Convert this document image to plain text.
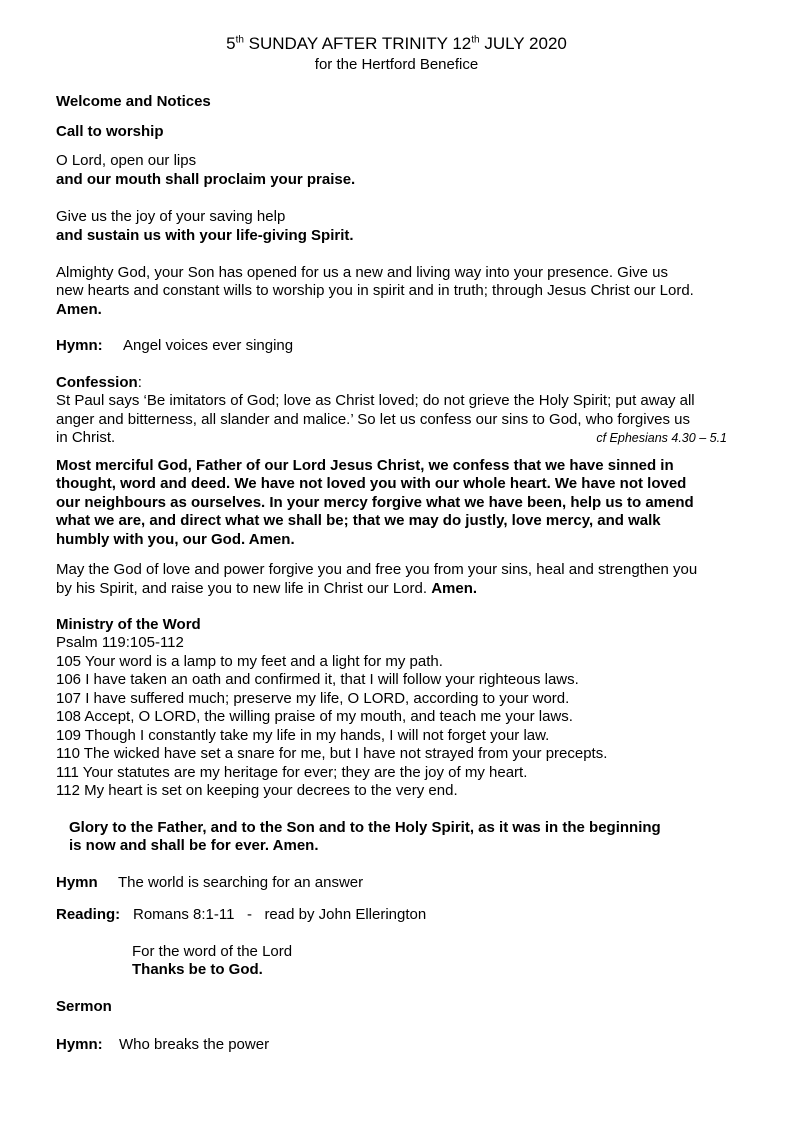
5th SUNDAY AFTER TRINITY 12th JULY 2020
for the Hertford Benefice
Welcome and Notices
Call to worship
O Lord, open our lips
and our mouth shall proclaim your praise.
Give us the joy of your saving help
and sustain us with your life-giving Spirit.
Almighty God, your Son has opened for us a new and living way into your presence. Give us
new hearts and constant wills to worship you in spirit and in truth; through Jesus Christ our Lord.
Amen.
Hymn: Angel voices ever singing
Confession:
St Paul says ‘Be imitators of God; love as Christ loved; do not grieve the Holy Spirit; put away all
anger and bitterness, all slander and malice.’ So let us confess our sins to God, who forgives us
in Christ.	cf Ephesians 4.30 – 5.1
Most merciful God, Father of our Lord Jesus Christ, we confess that we have sinned in
thought, word and deed. We have not loved you with our whole heart. We have not loved
our neighbours as ourselves. In your mercy forgive what we have been, help us to amend
what we are, and direct what we shall be; that we may do justly, love mercy, and walk
humbly with you, our God. Amen.
May the God of love and power forgive you and free you from your sins, heal and strengthen you
by his Spirit, and raise you to new life in Christ our Lord. Amen.
Ministry of the Word
Psalm 119:105-112
105 Your word is a lamp to my feet and a light for my path.
106 I have taken an oath and confirmed it, that I will follow your righteous laws.
107 I have suffered much; preserve my life, O LORD, according to your word.
108 Accept, O LORD, the willing praise of my mouth, and teach me your laws.
109 Though I constantly take my life in my hands, I will not forget your law.
110 The wicked have set a snare for me, but I have not strayed from your precepts.
111 Your statutes are my heritage for ever; they are the joy of my heart.
112 My heart is set on keeping your decrees to the very end.
Glory to the Father, and to the Son and to the Holy Spirit, as it was in the beginning
is now and shall be for ever. Amen.
Hymn The world is searching for an answer
Reading: Romans 8:1-11   -   read by John Ellerington
For the word of the Lord
Thanks be to God.
Sermon
Hymn: Who breaks the power
